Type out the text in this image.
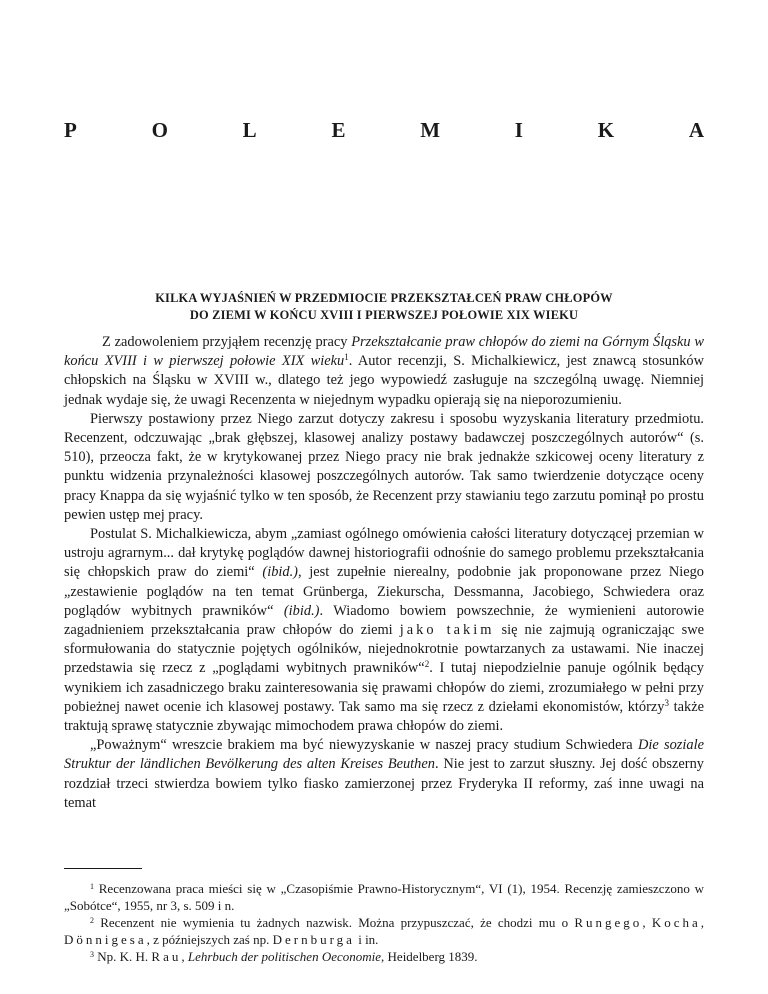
P	O	L	E	M	I	K	A
KILKA WYJAŚNIEŃ W PRZEDMIOCIE PRZEKSZTAŁCEŃ PRAW CHŁOPÓW
DO ZIEMI W KOŃCU XVIII I PIERWSZEJ POŁOWIE XIX WIEKU

Z zadowoleniem przyjąłem recenzję pracy Przekształcanie praw chłopów do ziemi na Górnym Śląsku w końcu XVIII i w pierwszej połowie XIX wieku$^1$. Autor recenzji, S. Michalkiewicz, jest znawcą stosunków chłopskich na Śląsku w XVIII w., dlatego też jego wypowiedź zasługuje na szczególną uwagę. Niemniej jednak wydaje się, że uwagi Recenzenta w niejednym wypadku opierają się na nieporozumieniu.

Pierwszy postawiony przez Niego zarzut dotyczy zakresu i sposobu wyzyskania literatury przedmiotu. Recenzent, odczuwając „brak głębszej, klasowej analizy postawy badawczej poszczególnych autorów“ (s. 510), przeocza fakt, że w krytykowanej przez Niego pracy nie brak jednakże szkicowej oceny literatury z punktu widzenia przynależności klasowej poszczególnych autorów. Tak samo twierdzenie dotyczące oceny pracy Knappa da się wyjaśnić tylko w ten sposób, że Recenzent przy stawianiu tego zarzutu pominął po prostu pewien ustęp mej pracy.

Postulat S. Michalkiewicza, abym „zamiast ogólnego omówienia całości literatury dotyczącej przemian w ustroju agrarnym... dał krytykę poglądów dawnej historiografii odnośnie do samego problemu przekształcania się chłopskich praw do ziemi“ (ibid.), jest zupełnie nierealny, podobnie jak proponowane przez Niego „zestawienie poglądów na ten temat Grünberga, Ziekurscha, Dessmanna, Jacobiego, Schwiedera oraz poglądów wybitnych prawników“ (ibid.). Wiadomo bowiem powszechnie, że wymienieni autorowie zagadnieniem przekształcania praw chłopów do ziemi jako takim się nie zajmują ograniczając swe sformułowania do statycznie pojętych ogólników, niejednokrotnie powtarzanych za ustawami. Nie inaczej przedstawia się rzecz z „poglądami wybitnych prawników“$^2$. I tutaj niepodzielnie panuje ogólnik będący wynikiem ich zasadniczego braku zainteresowania się prawami chłopów do ziemi, zrozumiałego w pełni przy pobieżnej nawet ocenie ich klasowej postawy. Tak samo ma się rzecz z dziełami ekonomistów, którzy$^3$ także traktują sprawę statycznie zbywając mimochodem prawa chłopów do ziemi.

„Poważnym“ wreszcie brakiem ma być niewyzyskanie w naszej pracy studium Schwiedera Die soziale Struktur der ländlichen Bevölkerung des alten Kreises Beuthen. Nie jest to zarzut słuszny. Jej dość obszerny rozdział trzeci stwierdza bowiem tylko fiasko zamierzonej przez Fryderyka II reformy, zaś inne uwagi na temat

$^1$ Recenzowana praca mieści się w „Czasopiśmie Prawno-Historycznym“, VI (1), 1954. Recenzję zamieszczono w „Sobótce“, 1955, nr 3, s. 509 i n.

$^2$ Recenzent nie wymienia tu żadnych nazwisk. Można przypuszczać, że chodzi mu o Rungego, Kocha, Dönnigesa, z późniejszych zaś np. Dernburga i in.

$^3$ Np. K. H. Rau, Lehrbuch der politischen Oeconomie, Heidelberg 1839.
